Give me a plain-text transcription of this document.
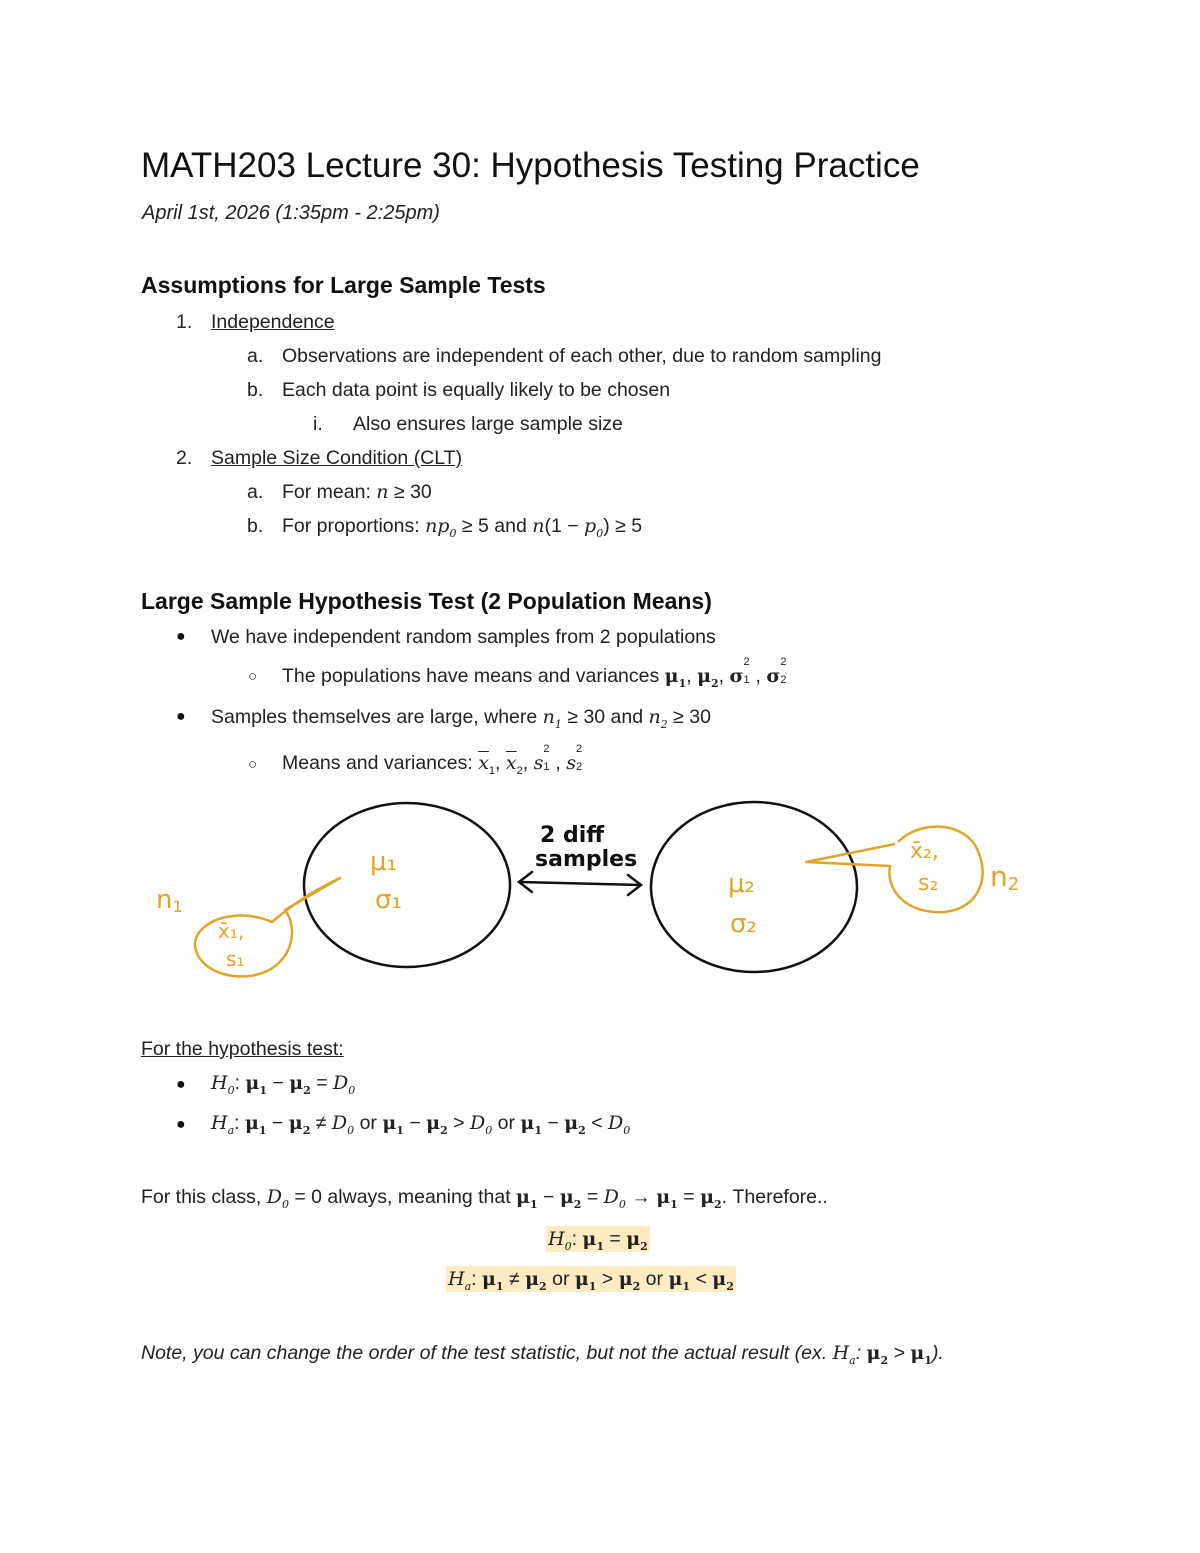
MATH203 Lecture 30: Hypothesis Testing Practice
April 1st, 2026 (1:35pm - 2:25pm)
Assumptions for Large Sample Tests
1. Independence
a. Observations are independent of each other, due to random sampling
b. Each data point is equally likely to be chosen
i. Also ensures large sample size
2. Sample Size Condition (CLT)
a. For mean: n ≥ 30
b. For proportions: $np_0 \ge 5$ and $n(1 - p_0) \ge 5$
Large Sample Hypothesis Test (2 Population Means)
● We have independent random samples from 2 populations
○ The populations have means and variances $\mu_1$, $\mu_2$, σ
2
1 , σ
2
2
● Samples themselves are large, where $n_1 \ge 30$ and $n_2 \ge 30$
○ Means and variances: $\overline{x}_1$, $\overline{x}_2$, s
2
1 , s
2
2
2 diff
samples
μ₁
σ₁
n1
x̄₁,
s₁
μ₂
σ₂
n2
x̄₂,
s₂
For the hypothesis test:
● $H_0$: $\mu_1 - \mu_2 = D_0$
● $H_a$: $\mu_1 - \mu_2 \ne D_0$ or $\mu_1 - \mu_2 > D_0$ or $\mu_1 - \mu_2 < D_0$
For this class, $D_0 = 0$ always, meaning that $\mu_1 - \mu_2 = D_0 \to \mu_1 = \mu_2$. Therefore..
$H_0$: $\mu_1 = \mu_2$
$H_a$: $\mu_1 \ne \mu_2$ or $\mu_1 > \mu_2$ or $\mu_1 < \mu_2$
Note, you can change the order of the test statistic, but not the actual result (ex. $H_a$: $\mu_2 > \mu_1$).
